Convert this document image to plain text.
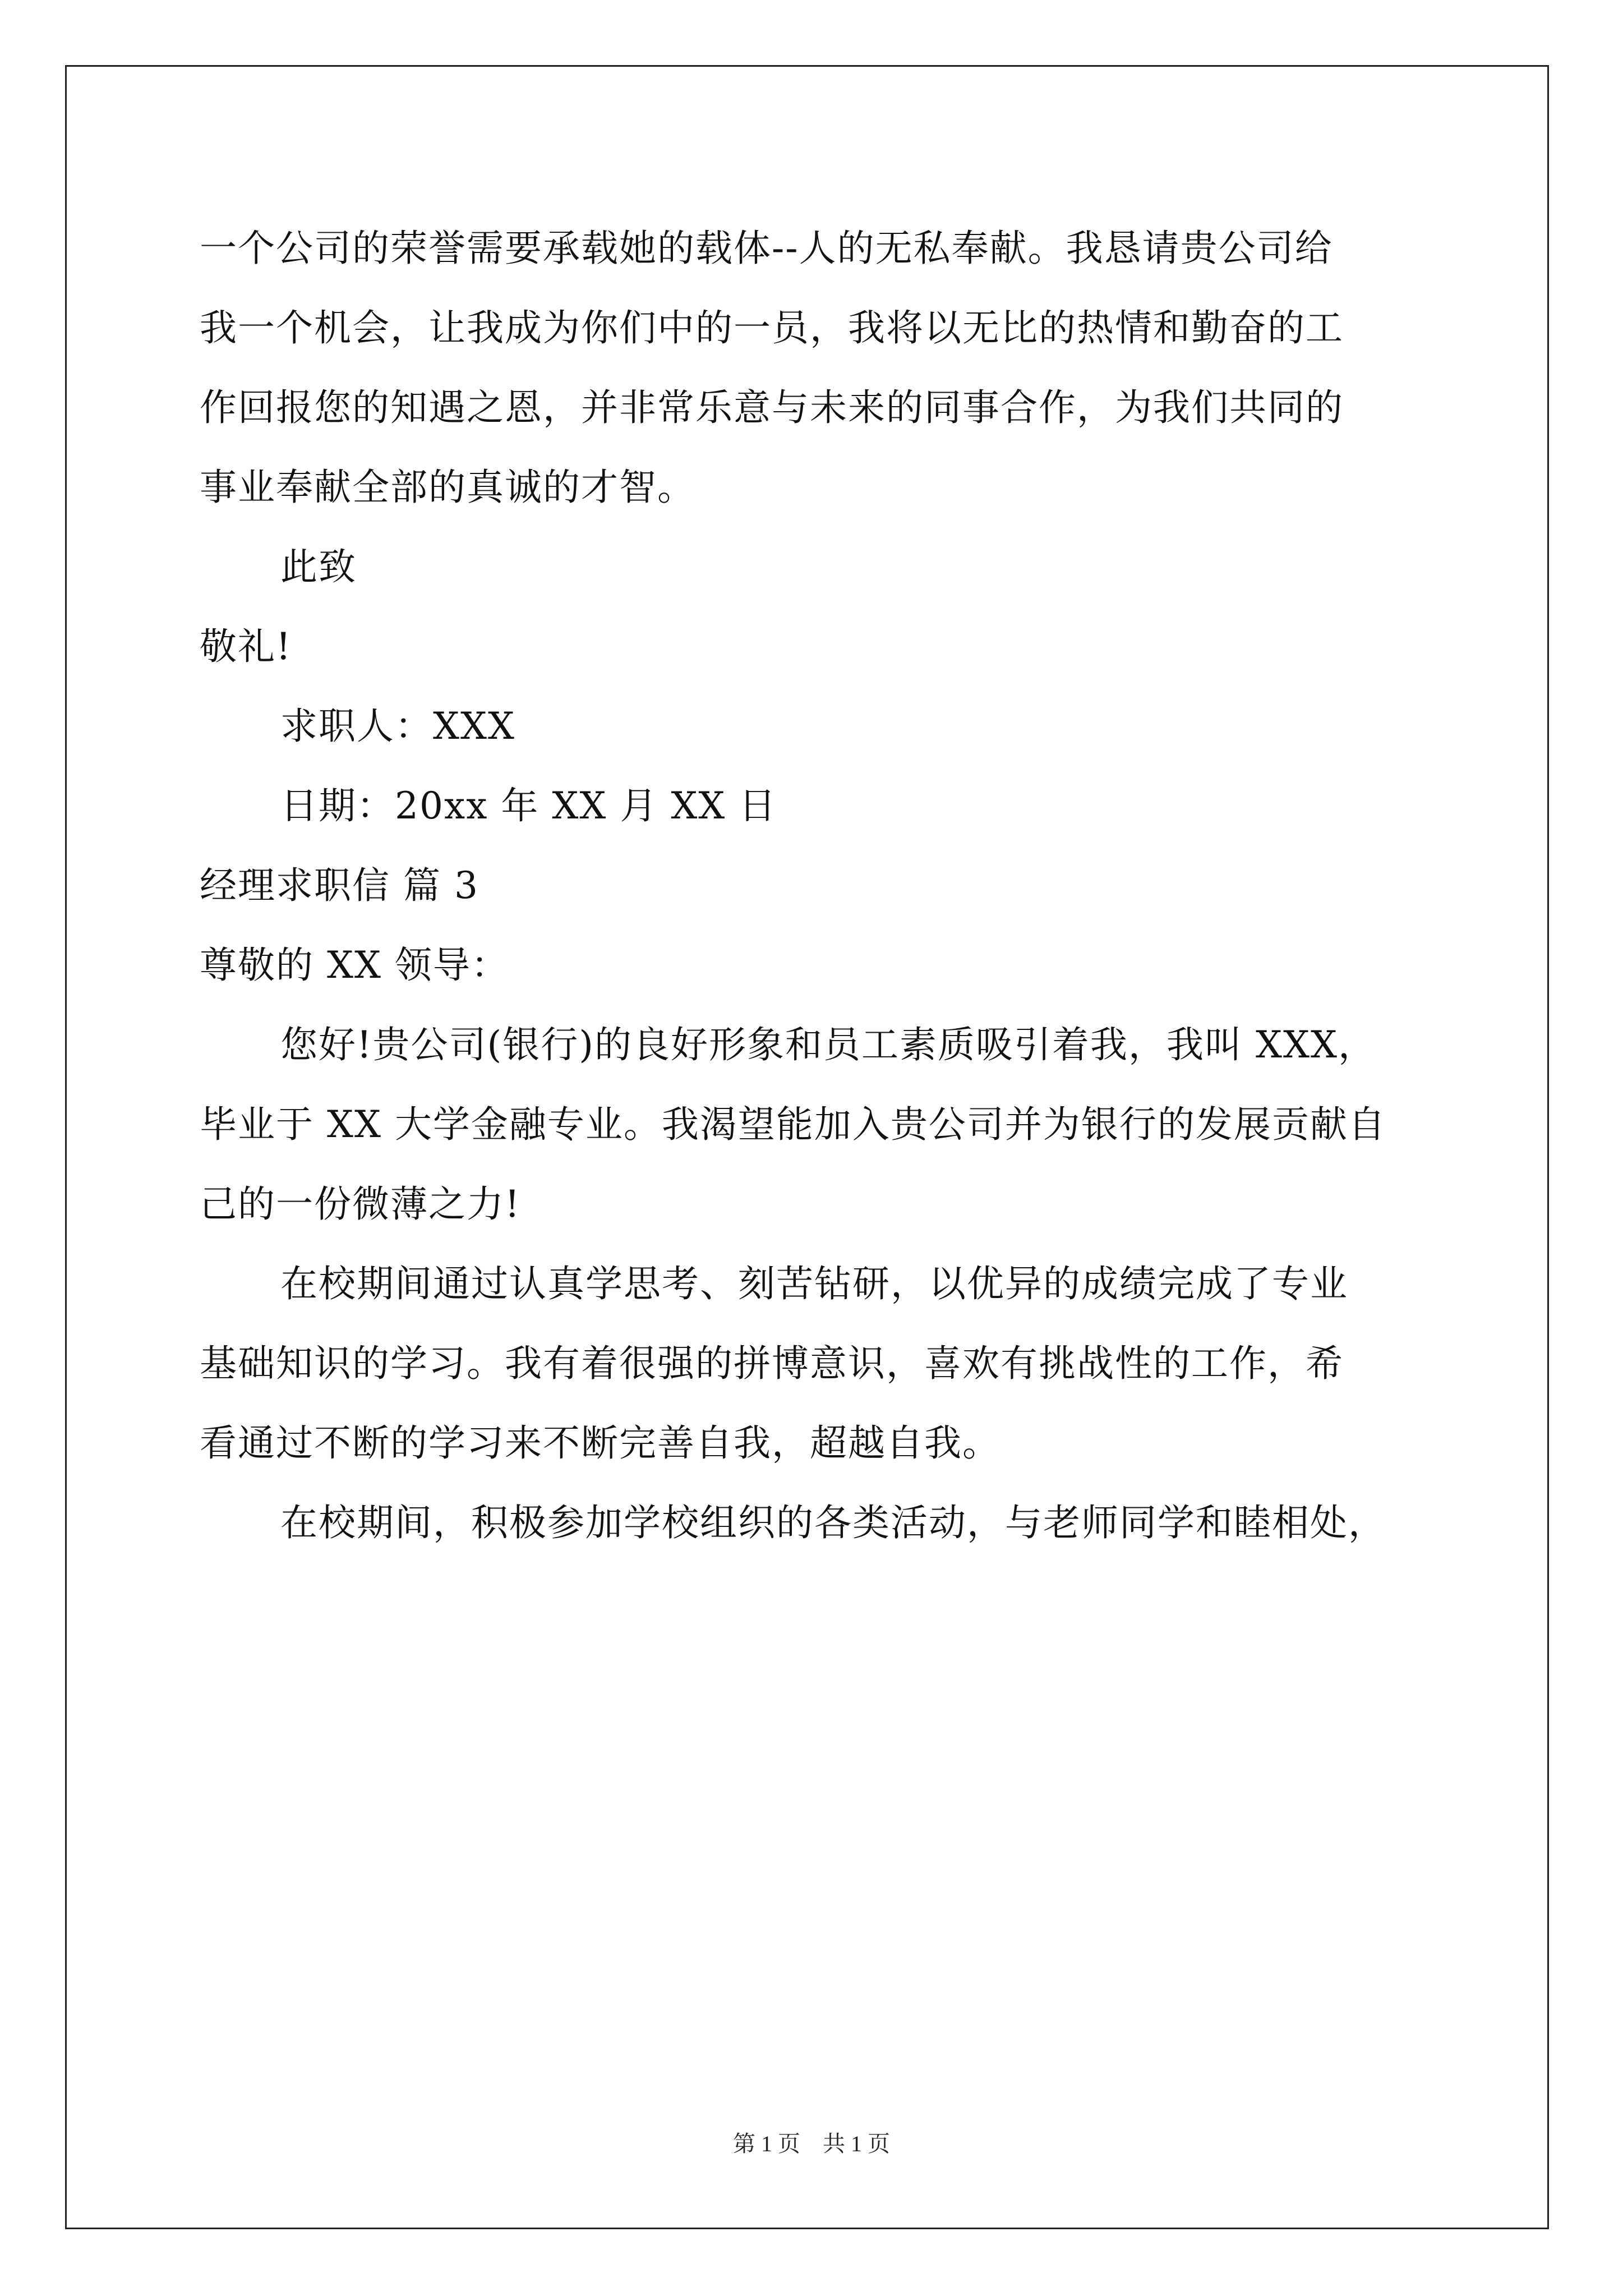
一个公司的荣誉需要承载她的载体--人的无私奉献。我恳请贵公司给
我一个机会，让我成为你们中的一员，我将以无比的热情和勤奋的工
作回报您的知遇之恩，并非常乐意与未来的同事合作，为我们共同的
事业奉献全部的真诚的才智。
此致
敬礼!
求职人：XXX
日期：20xx 年 XX 月 XX 日
经理求职信 篇 3
尊敬的 XX 领导：
您好!贵公司(银行)的良好形象和员工素质吸引着我，我叫 XXX，
毕业于 XX 大学金融专业。我渴望能加入贵公司并为银行的发展贡献自
己的一份微薄之力!
在校期间通过认真学思考、刻苦钻研，以优异的成绩完成了专业
基础知识的学习。我有着很强的拼博意识，喜欢有挑战性的工作，希
看通过不断的学习来不断完善自我，超越自我。
在校期间，积极参加学校组织的各类活动，与老师同学和睦相处，
第 1 页　共 1 页
